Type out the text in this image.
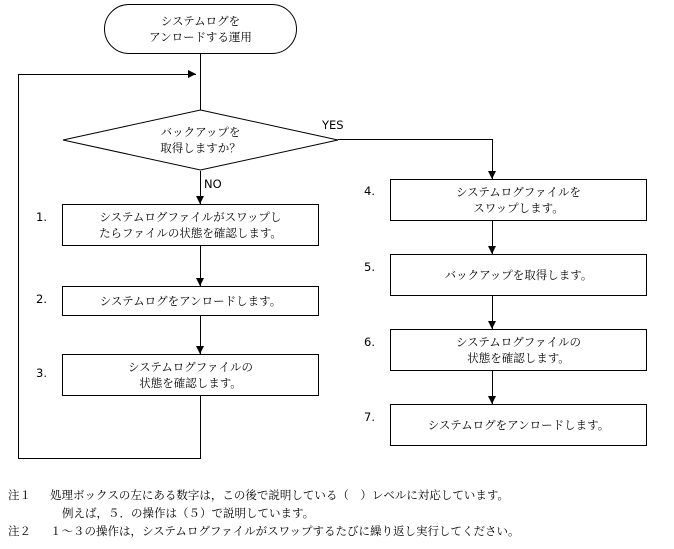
システムログを
アンロードする運用
バックアップを
取得しますか？
YES
NO
1.	システムログファイルがスワップし
たらファイルの状態を確認します。
2.	システムログをアンロードします。
3.	システムログファイルの
状態を確認します。
4.	システムログファイルを
スワップします。
5.
バックアップを取得します。
6.	システムログファイルの
状態を確認します。
7.
システムログをアンロードします。
注１ 処理ボックスの左にある数字は，この後で説明している（　）レベルに対応しています。
例えば，５．の操作は（５）で説明しています。
注２ １～３の操作は，システムログファイルがスワップするたびに繰り返し実行してください。
